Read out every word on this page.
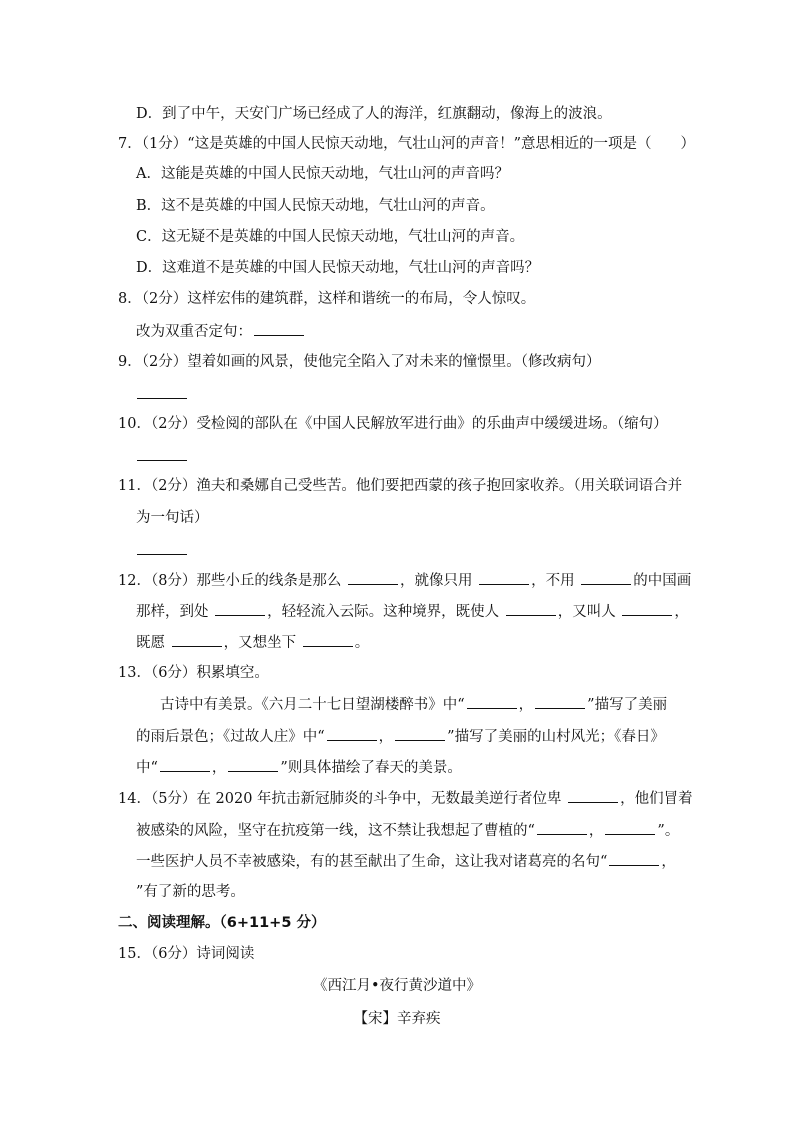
D．到了中午，天安门广场已经成了人的海洋，红旗翻动，像海上的波浪。
7．（1分）“这是英雄的中国人民惊天动地，气壮山河的声音！”意思相近的一项是（　　）
A．这能是英雄的中国人民惊天动地，气壮山河的声音吗？
B．这不是英雄的中国人民惊天动地，气壮山河的声音。
C．这无疑不是英雄的中国人民惊天动地，气壮山河的声音。
D．这难道不是英雄的中国人民惊天动地，气壮山河的声音吗？
8．（2分）这样宏伟的建筑群，这样和谐统一的布局，令人惊叹。
改为双重否定句：
9．（2分）望着如画的风景，使他完全陷入了对未来的憧憬里。（修改病句）
10．（2分）受检阅的部队在《中国人民解放军进行曲》的乐曲声中缓缓进场。（缩句）
11．（2分）渔夫和桑娜自己受些苦。他们要把西蒙的孩子抱回家收养。（用关联词语合并
为一句话）
12．（8分）那些小丘的线条是那么	，就像只用	，不用	的中国画
那样，到处	，轻轻流入云际。这种境界，既使人	，又叫人	，
既愿	，又想坐下	。
13．（6分）积累填空。
古诗中有美景。《六月二十七日望湖楼醉书》中“	，	”描写了美丽
的雨后景色；《过故人庄》中“	，	”描写了美丽的山村风光；《春日》
中“	，	”则具体描绘了春天的美景。
14．（5分）在 2020 年抗击新冠肺炎的斗争中，无数最美逆行者位卑	，他们冒着
被感染的风险，坚守在抗疫第一线，这不禁让我想起了曹植的“	，	”。
一些医护人员不幸被感染，有的甚至献出了生命，这让我对诸葛亮的名句“	，
”有了新的思考。
二、阅读理解。（6+11+5 分）
15．（6分）诗词阅读
《西江月•夜行黄沙道中》
【宋】辛弃疾
